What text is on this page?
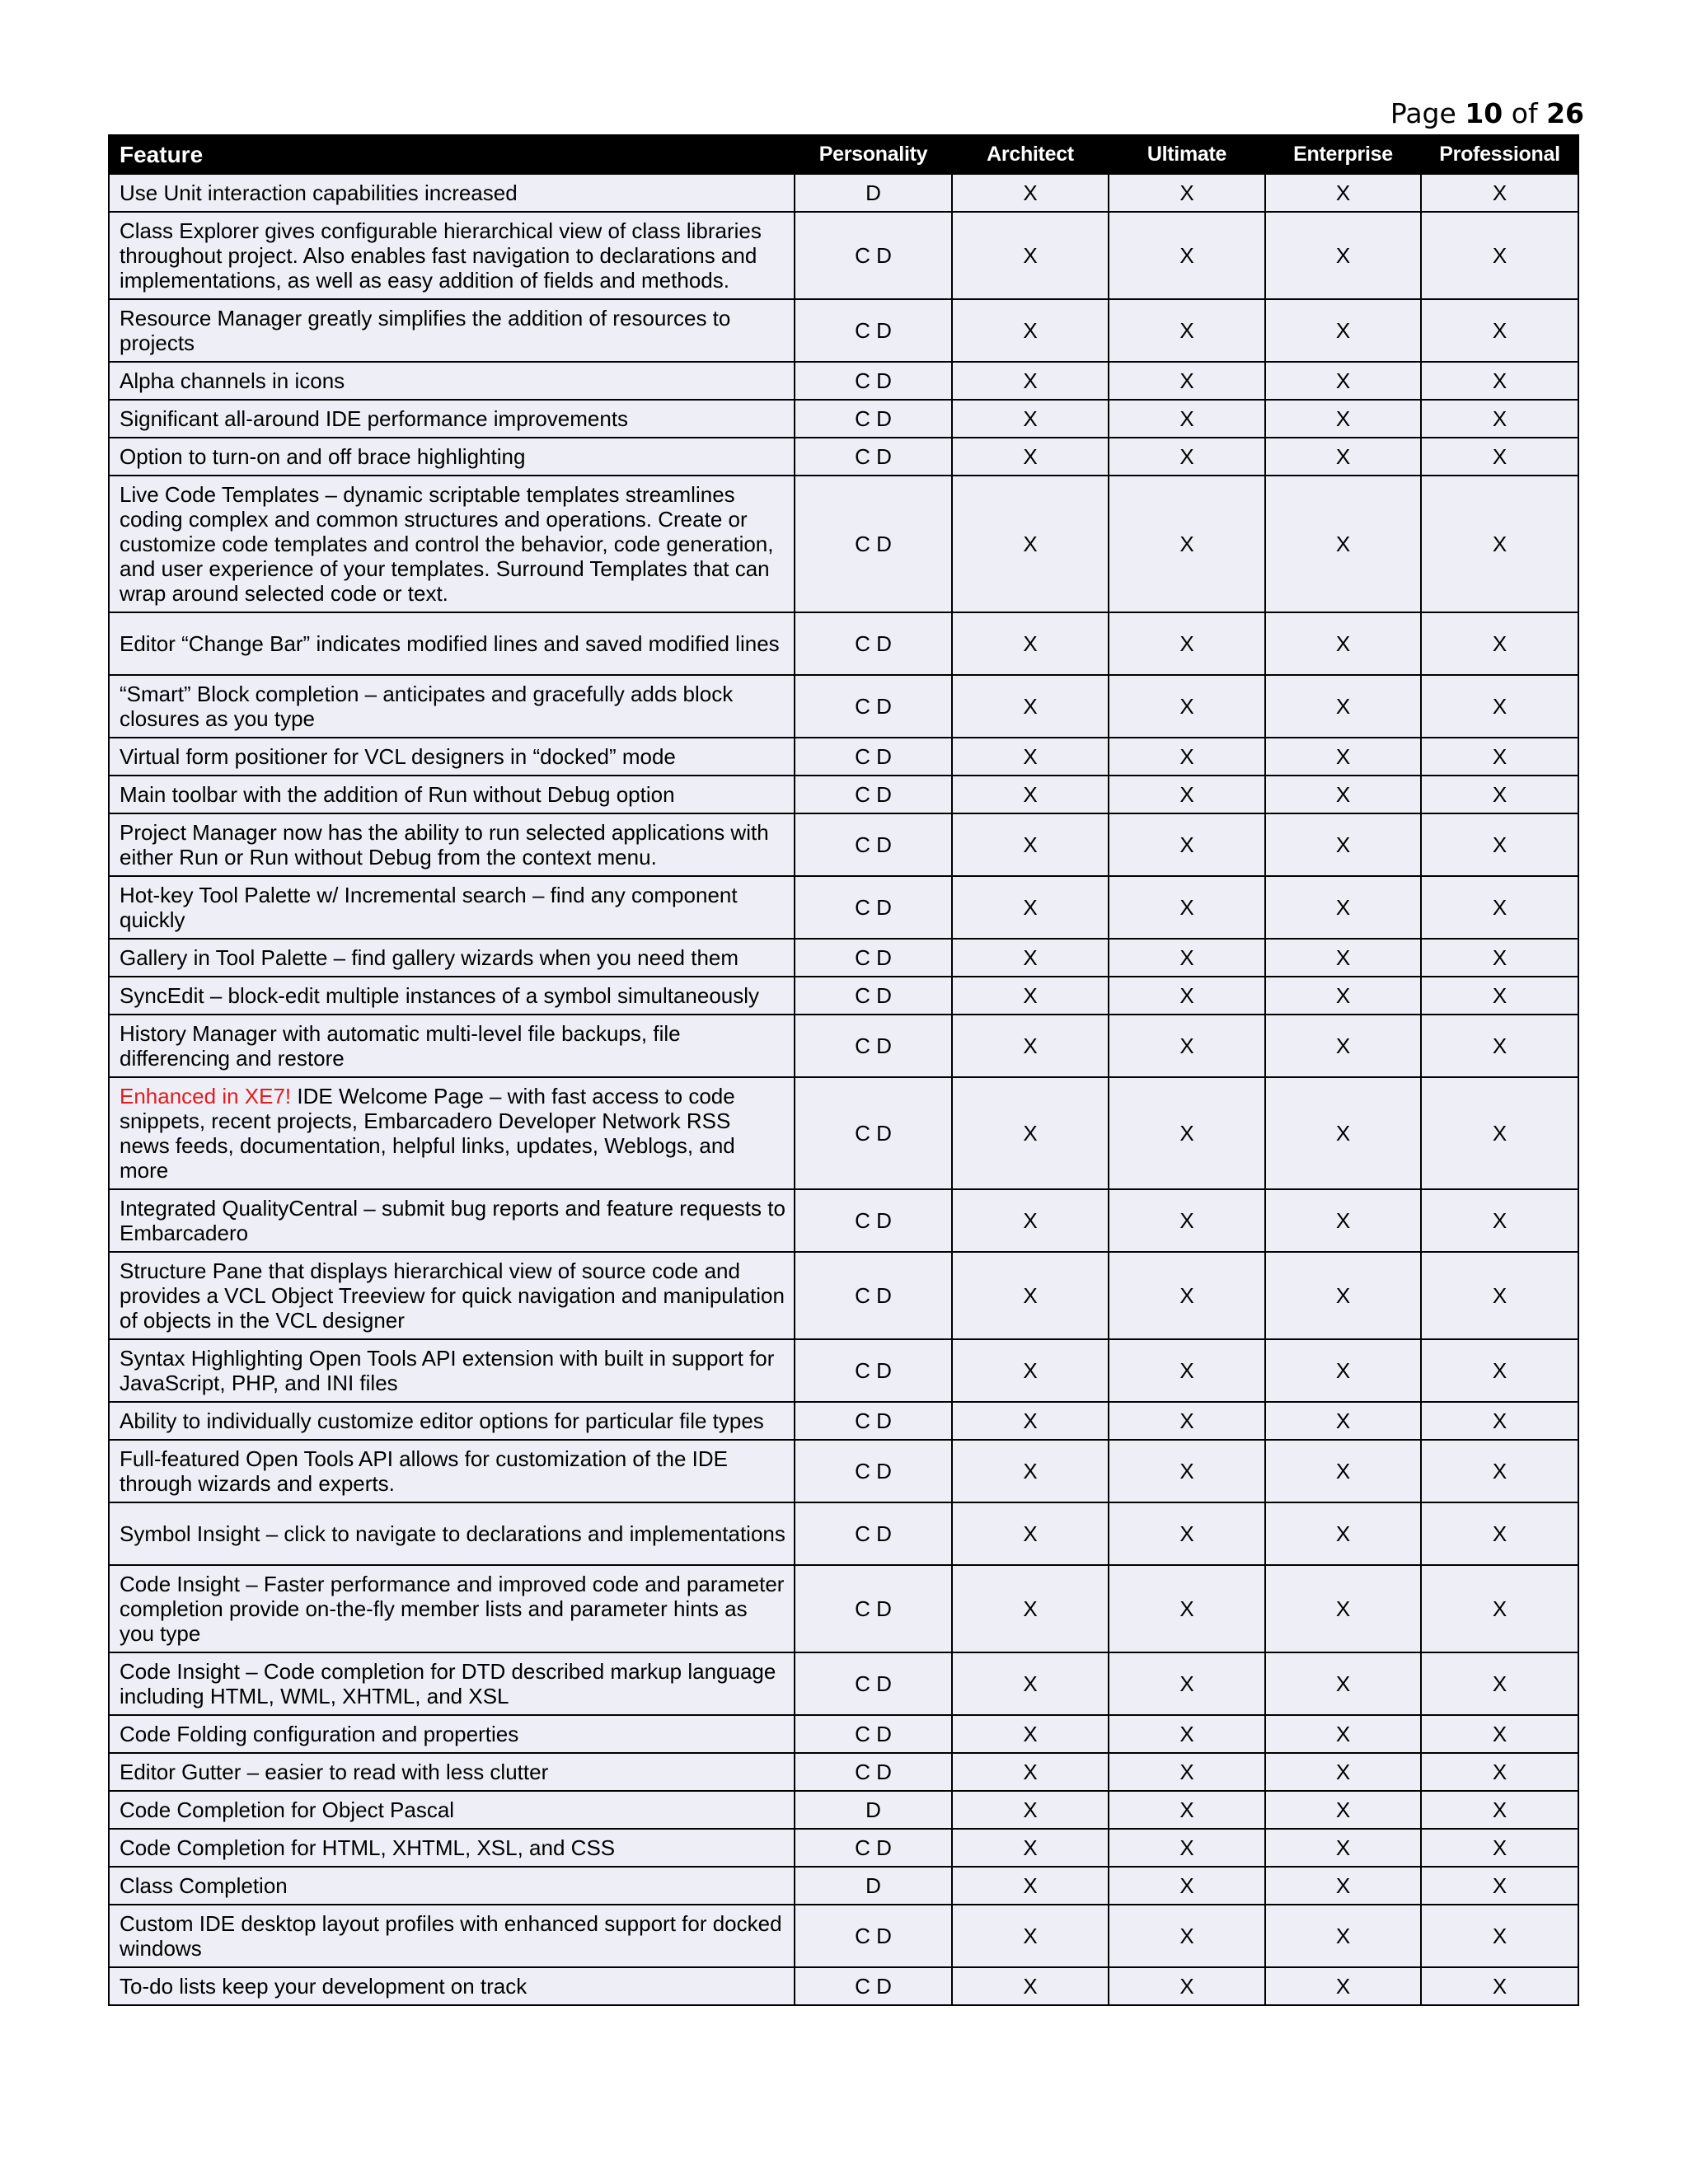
Page 10 of 26
Feature	Personality	Architect	Ultimate	Enterprise	Professional
Use Unit interaction capabilities increased	D	X	X	X	X
Class Explorer gives configurable hierarchical view of class libraries throughout project. Also enables fast navigation to declarations and implementations, as well as easy addition of fields and methods.	C D	X	X	X	X
Resource Manager greatly simplifies the addition of resources to projects	C D	X	X	X	X
Alpha channels in icons	C D	X	X	X	X
Significant all-around IDE performance improvements	C D	X	X	X	X
Option to turn-on and off brace highlighting	C D	X	X	X	X
Live Code Templates – dynamic scriptable templates streamlines coding complex and common structures and operations. Create or customize code templates and control the behavior, code generation, and user experience of your templates. Surround Templates that can wrap around selected code or text.	C D	X	X	X	X
Editor “Change Bar” indicates modified lines and saved modified lines	C D	X	X	X	X
“Smart” Block completion – anticipates and gracefully adds block closures as you type	C D	X	X	X	X
Virtual form positioner for VCL designers in “docked” mode	C D	X	X	X	X
Main toolbar with the addition of Run without Debug option	C D	X	X	X	X
Project Manager now has the ability to run selected applications with either Run or Run without Debug from the context menu.	C D	X	X	X	X
Hot-key Tool Palette w/ Incremental search – find any component quickly	C D	X	X	X	X
Gallery in Tool Palette – find gallery wizards when you need them	C D	X	X	X	X
SyncEdit – block-edit multiple instances of a symbol simultaneously	C D	X	X	X	X
History Manager with automatic multi-level file backups, file differencing and restore	C D	X	X	X	X
Enhanced in XE7! IDE Welcome Page – with fast access to code snippets, recent projects, Embarcadero Developer Network RSS news feeds, documentation, helpful links, updates, Weblogs, and more	C D	X	X	X	X
Integrated QualityCentral – submit bug reports and feature requests to Embarcadero	C D	X	X	X	X
Structure Pane that displays hierarchical view of source code and provides a VCL Object Treeview for quick navigation and manipulation of objects in the VCL designer	C D	X	X	X	X
Syntax Highlighting Open Tools API extension with built in support for JavaScript, PHP, and INI files	C D	X	X	X	X
Ability to individually customize editor options for particular file types	C D	X	X	X	X
Full-featured Open Tools API allows for customization of the IDE through wizards and experts.	C D	X	X	X	X
Symbol Insight – click to navigate to declarations and implementations	C D	X	X	X	X
Code Insight – Faster performance and improved code and parameter completion provide on-the-fly member lists and parameter hints as you type	C D	X	X	X	X
Code Insight – Code completion for DTD described markup language including HTML, WML, XHTML, and XSL	C D	X	X	X	X
Code Folding configuration and properties	C D	X	X	X	X
Editor Gutter – easier to read with less clutter	C D	X	X	X	X
Code Completion for Object Pascal	D	X	X	X	X
Code Completion for HTML, XHTML, XSL, and CSS	C D	X	X	X	X
Class Completion	D	X	X	X	X
Custom IDE desktop layout profiles with enhanced support for docked windows	C D	X	X	X	X
To-do lists keep your development on track	C D	X	X	X	X
